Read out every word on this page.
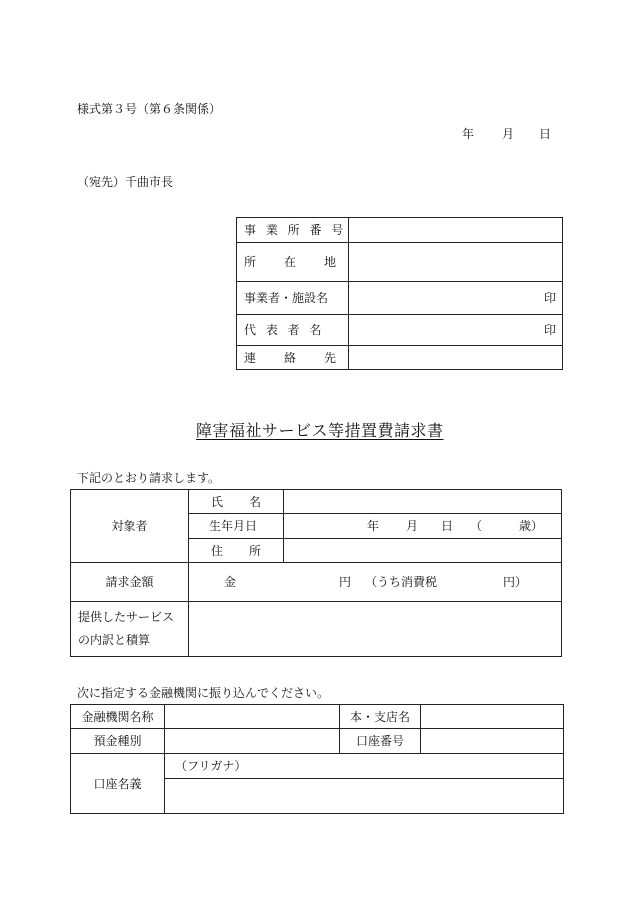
様式第３号（第６条関係）
年 月 日
（宛先）千曲市長
事 業 所 番 号	

所 在 地	

事業者・施設名	印
代 表 者 名	印

連 絡 先	

障害福祉サービス等措置費請求書
下記のとおり請求します。
対象者	氏 名	

	生年月日	年 月 日 （ 歳）

	住 所	

請求金額	金 円 （うち消費税 円）	

提供したサービス
の内訳と積算		

次に指定する金融機関に振り込んでください。
金融機関名称		本・支店名	
預金種別		口座番号	
口座名義	（フリガナ）		
